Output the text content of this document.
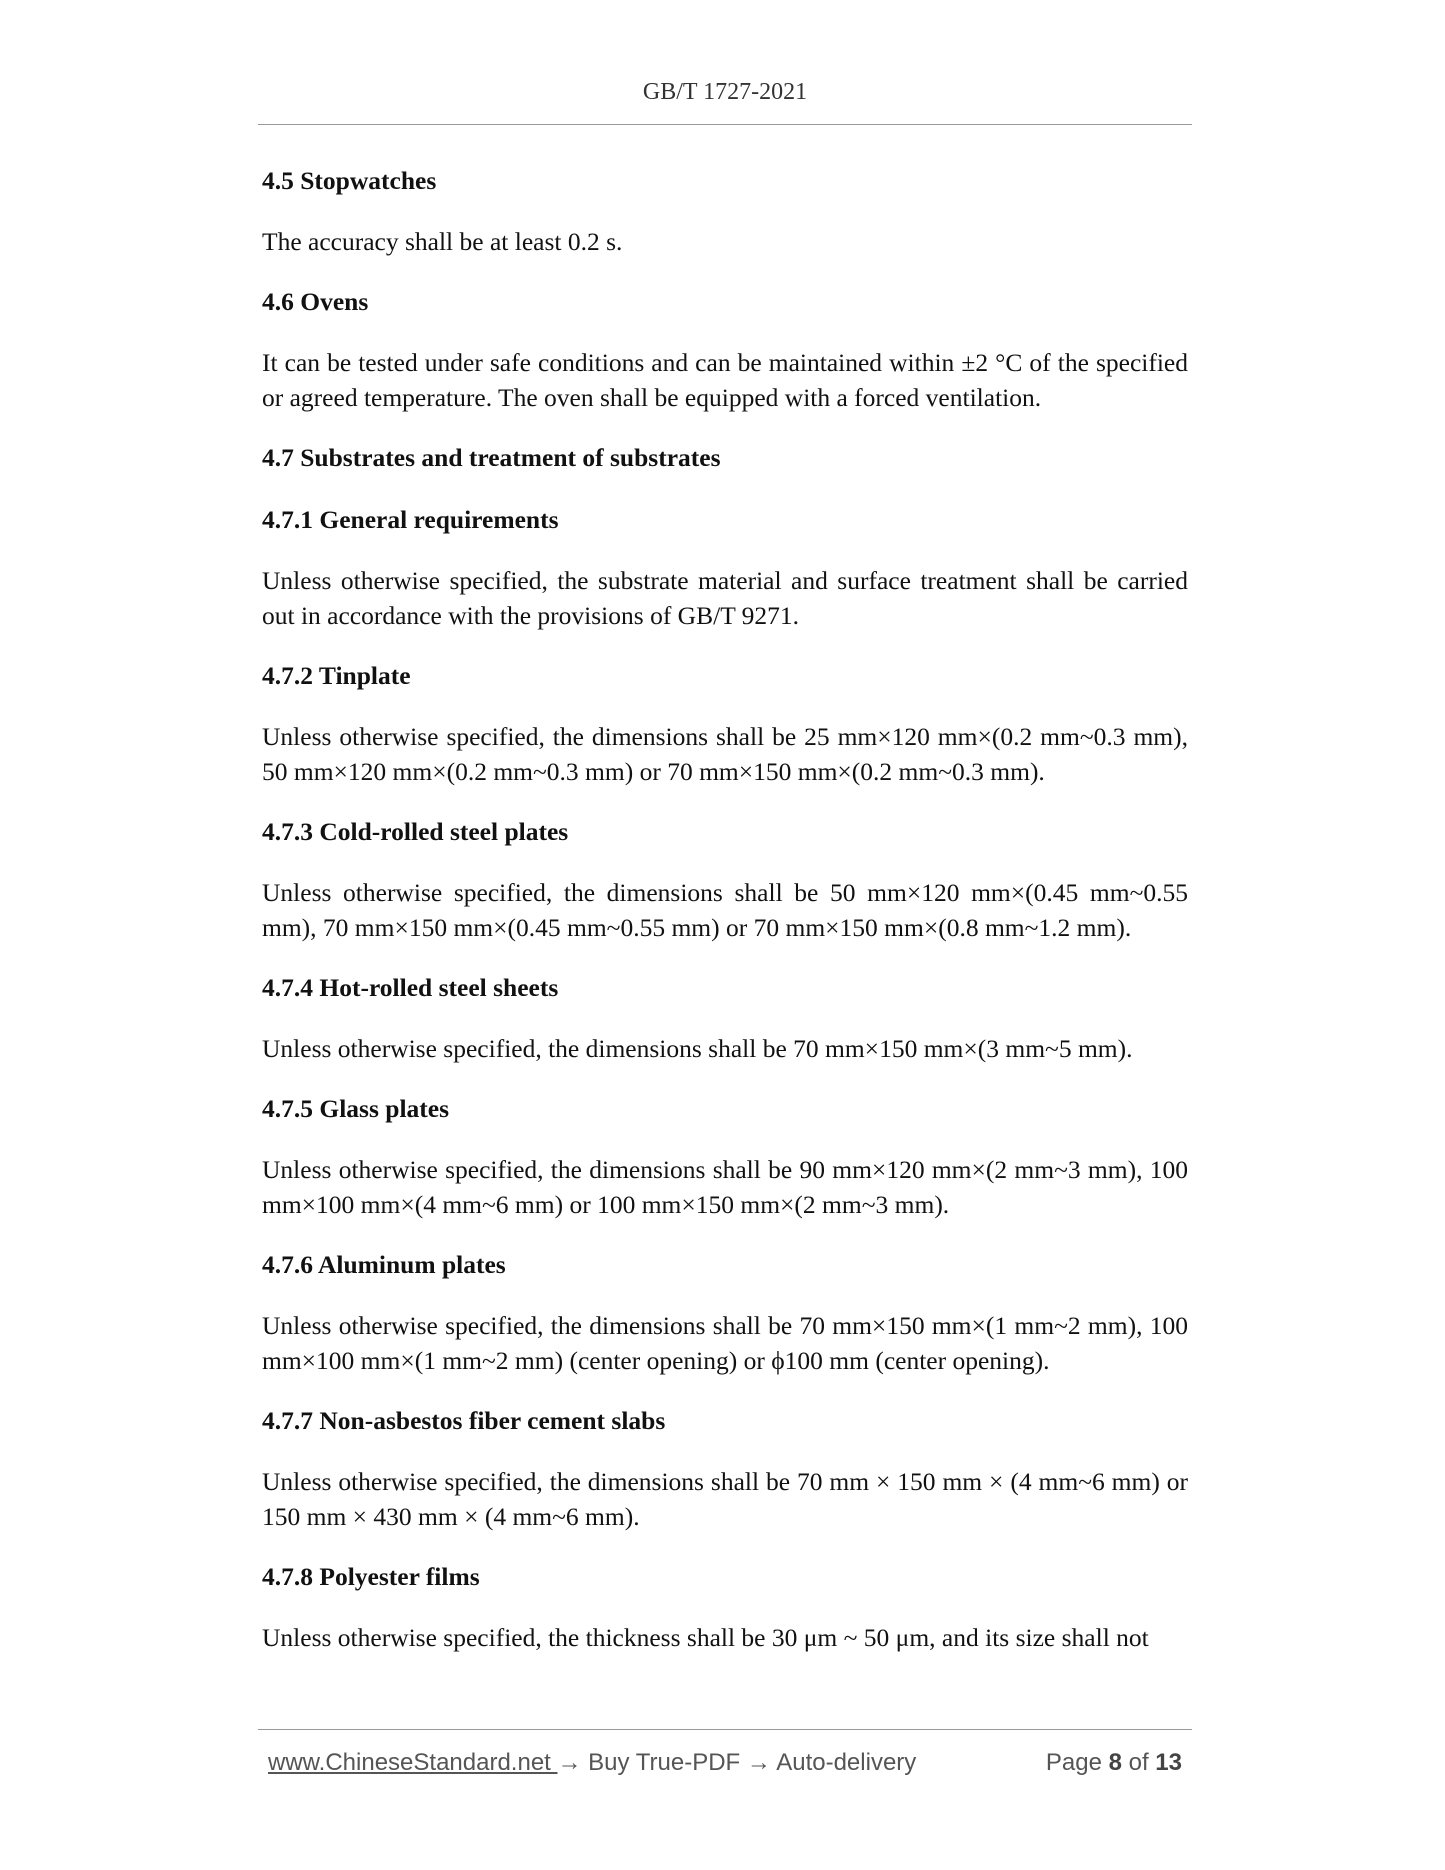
GB/T 1727-2021
4.5 Stopwatches
The accuracy shall be at least 0.2 s.
4.6 Ovens
It can be tested under safe conditions and can be maintained within ±2 °C of the specified or agreed temperature. The oven shall be equipped with a forced ventilation.
4.7 Substrates and treatment of substrates
4.7.1 General requirements
Unless otherwise specified, the substrate material and surface treatment shall be carried out in accordance with the provisions of GB/T 9271.
4.7.2 Tinplate
Unless otherwise specified, the dimensions shall be 25 mm×120 mm×(0.2 mm~0.3 mm), 50 mm×120 mm×(0.2 mm~0.3 mm) or 70 mm×150 mm×(0.2 mm~0.3 mm).
4.7.3 Cold-rolled steel plates
Unless otherwise specified, the dimensions shall be 50 mm×120 mm×(0.45 mm~0.55 mm), 70 mm×150 mm×(0.45 mm~0.55 mm) or 70 mm×150 mm×(0.8 mm~1.2 mm).
4.7.4 Hot-rolled steel sheets
Unless otherwise specified, the dimensions shall be 70 mm×150 mm×(3 mm~5 mm).
4.7.5 Glass plates
Unless otherwise specified, the dimensions shall be 90 mm×120 mm×(2 mm~3 mm), 100 mm×100 mm×(4 mm~6 mm) or 100 mm×150 mm×(2 mm~3 mm).
4.7.6 Aluminum plates
Unless otherwise specified, the dimensions shall be 70 mm×150 mm×(1 mm~2 mm), 100 mm×100 mm×(1 mm~2 mm) (center opening) or ϕ100 mm (center opening).
4.7.7 Non-asbestos fiber cement slabs
Unless otherwise specified, the dimensions shall be 70 mm × 150 mm × (4 mm~6 mm) or 150 mm × 430 mm × (4 mm~6 mm).
4.7.8 Polyester films
Unless otherwise specified, the thickness shall be 30 μm ~ 50 μm, and its size shall not
www.ChineseStandard.net → Buy True-PDF → Auto-delivery	Page 8 of 13
